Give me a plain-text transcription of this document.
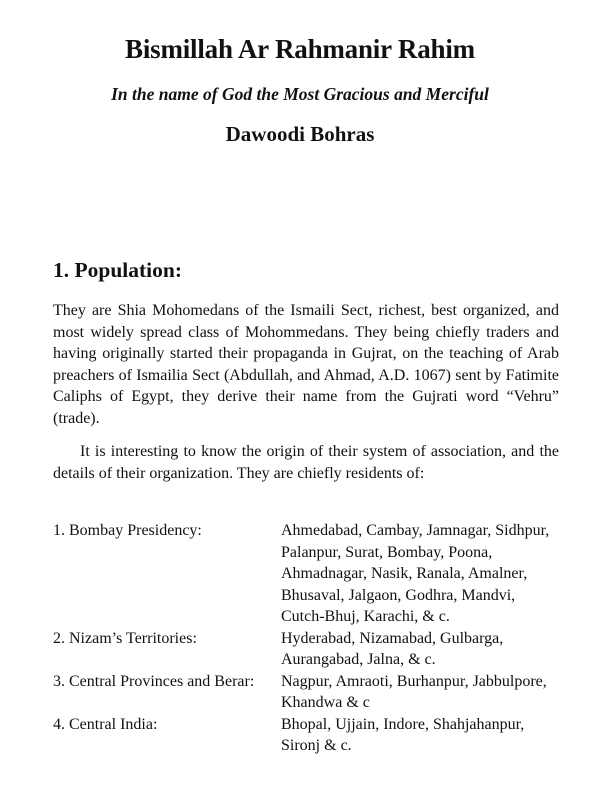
Bismillah Ar Rahmanir Rahim
In the name of God the Most Gracious and Merciful
Dawoodi Bohras
1. Population:

They are Shia Mohomedans of the Ismaili Sect, richest, best organized, and most widely spread class of Mohommedans. They being chiefly traders and having originally started their propaganda in Gujrat, on the teaching of Arab preachers of Ismailia Sect (Abdullah, and Ahmad, A.D. 1067) sent by Fatimite Caliphs of Egypt, they derive their name from the Gujrati word “Vehru” (trade).

It is interesting to know the origin of their system of association, and the details of their organization. They are chiefly residents of:

1. Bombay Presidency:	Ahmedabad, Cambay, Jamnagar, Sidhpur, Palanpur, Surat, Bombay, Poona, Ahmadnagar, Nasik, Ranala, Amalner, Bhusaval, Jalgaon, Godhra, Mandvi, Cutch-Bhuj, Karachi, & c.
2. Nizam’s Territories:	Hyderabad, Nizamabad, Gulbarga, Aurangabad, Jalna, & c.
3. Central Provinces and Berar:	Nagpur, Amraoti, Burhanpur, Jabbulpore, Khandwa & c
4. Central India:	Bhopal, Ujjain, Indore, Shahjahanpur, Sironj & c.
